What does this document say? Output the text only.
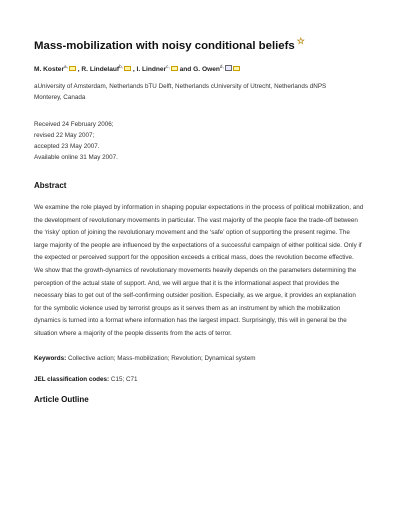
Mass-mobilization with noisy conditional beliefs ☆
M. Koster$^{a,}$ , R. Lindelauf$^{b,}$ , I. Lindner$^{c,}$ and G. Owen$^{d,}$
aUniversity of Amsterdam, Netherlands bTU Delft, Netherlands cUniversity of Utrecht, Netherlands dNPS Monterey, Canada
Received 24 February 2006;
revised 22 May 2007;
accepted 23 May 2007.
Available online 31 May 2007.
Abstract
We examine the role played by information in shaping popular expectations in the process of political mobilization, and the development of revolutionary movements in particular. The vast majority of the people face the trade-off between the ‘risky’ option of joining the revolutionary movement and the ‘safe’ option of supporting the present regime. The large majority of the people are influenced by the expectations of a successful campaign of either political side. Only if the expected or perceived support for the opposition exceeds a critical mass, does the revolution become effective. We show that the growth-dynamics of revolutionary movements heavily depends on the parameters determining the perception of the actual state of support. And, we will argue that it is the informational aspect that provides the necessary bias to get out of the self-confirming outsider position. Especially, as we argue, it provides an explanation for the symbolic violence used by terrorist groups as it serves them as an instrument by which the mobilization dynamics is turned into a format where information has the largest impact. Surprisingly, this will in general be the situation where a majority of the people dissents from the acts of terror.
Keywords: Collective action; Mass-mobilization; Revolution; Dynamical system
JEL classification codes: C15; C71
Article Outline
